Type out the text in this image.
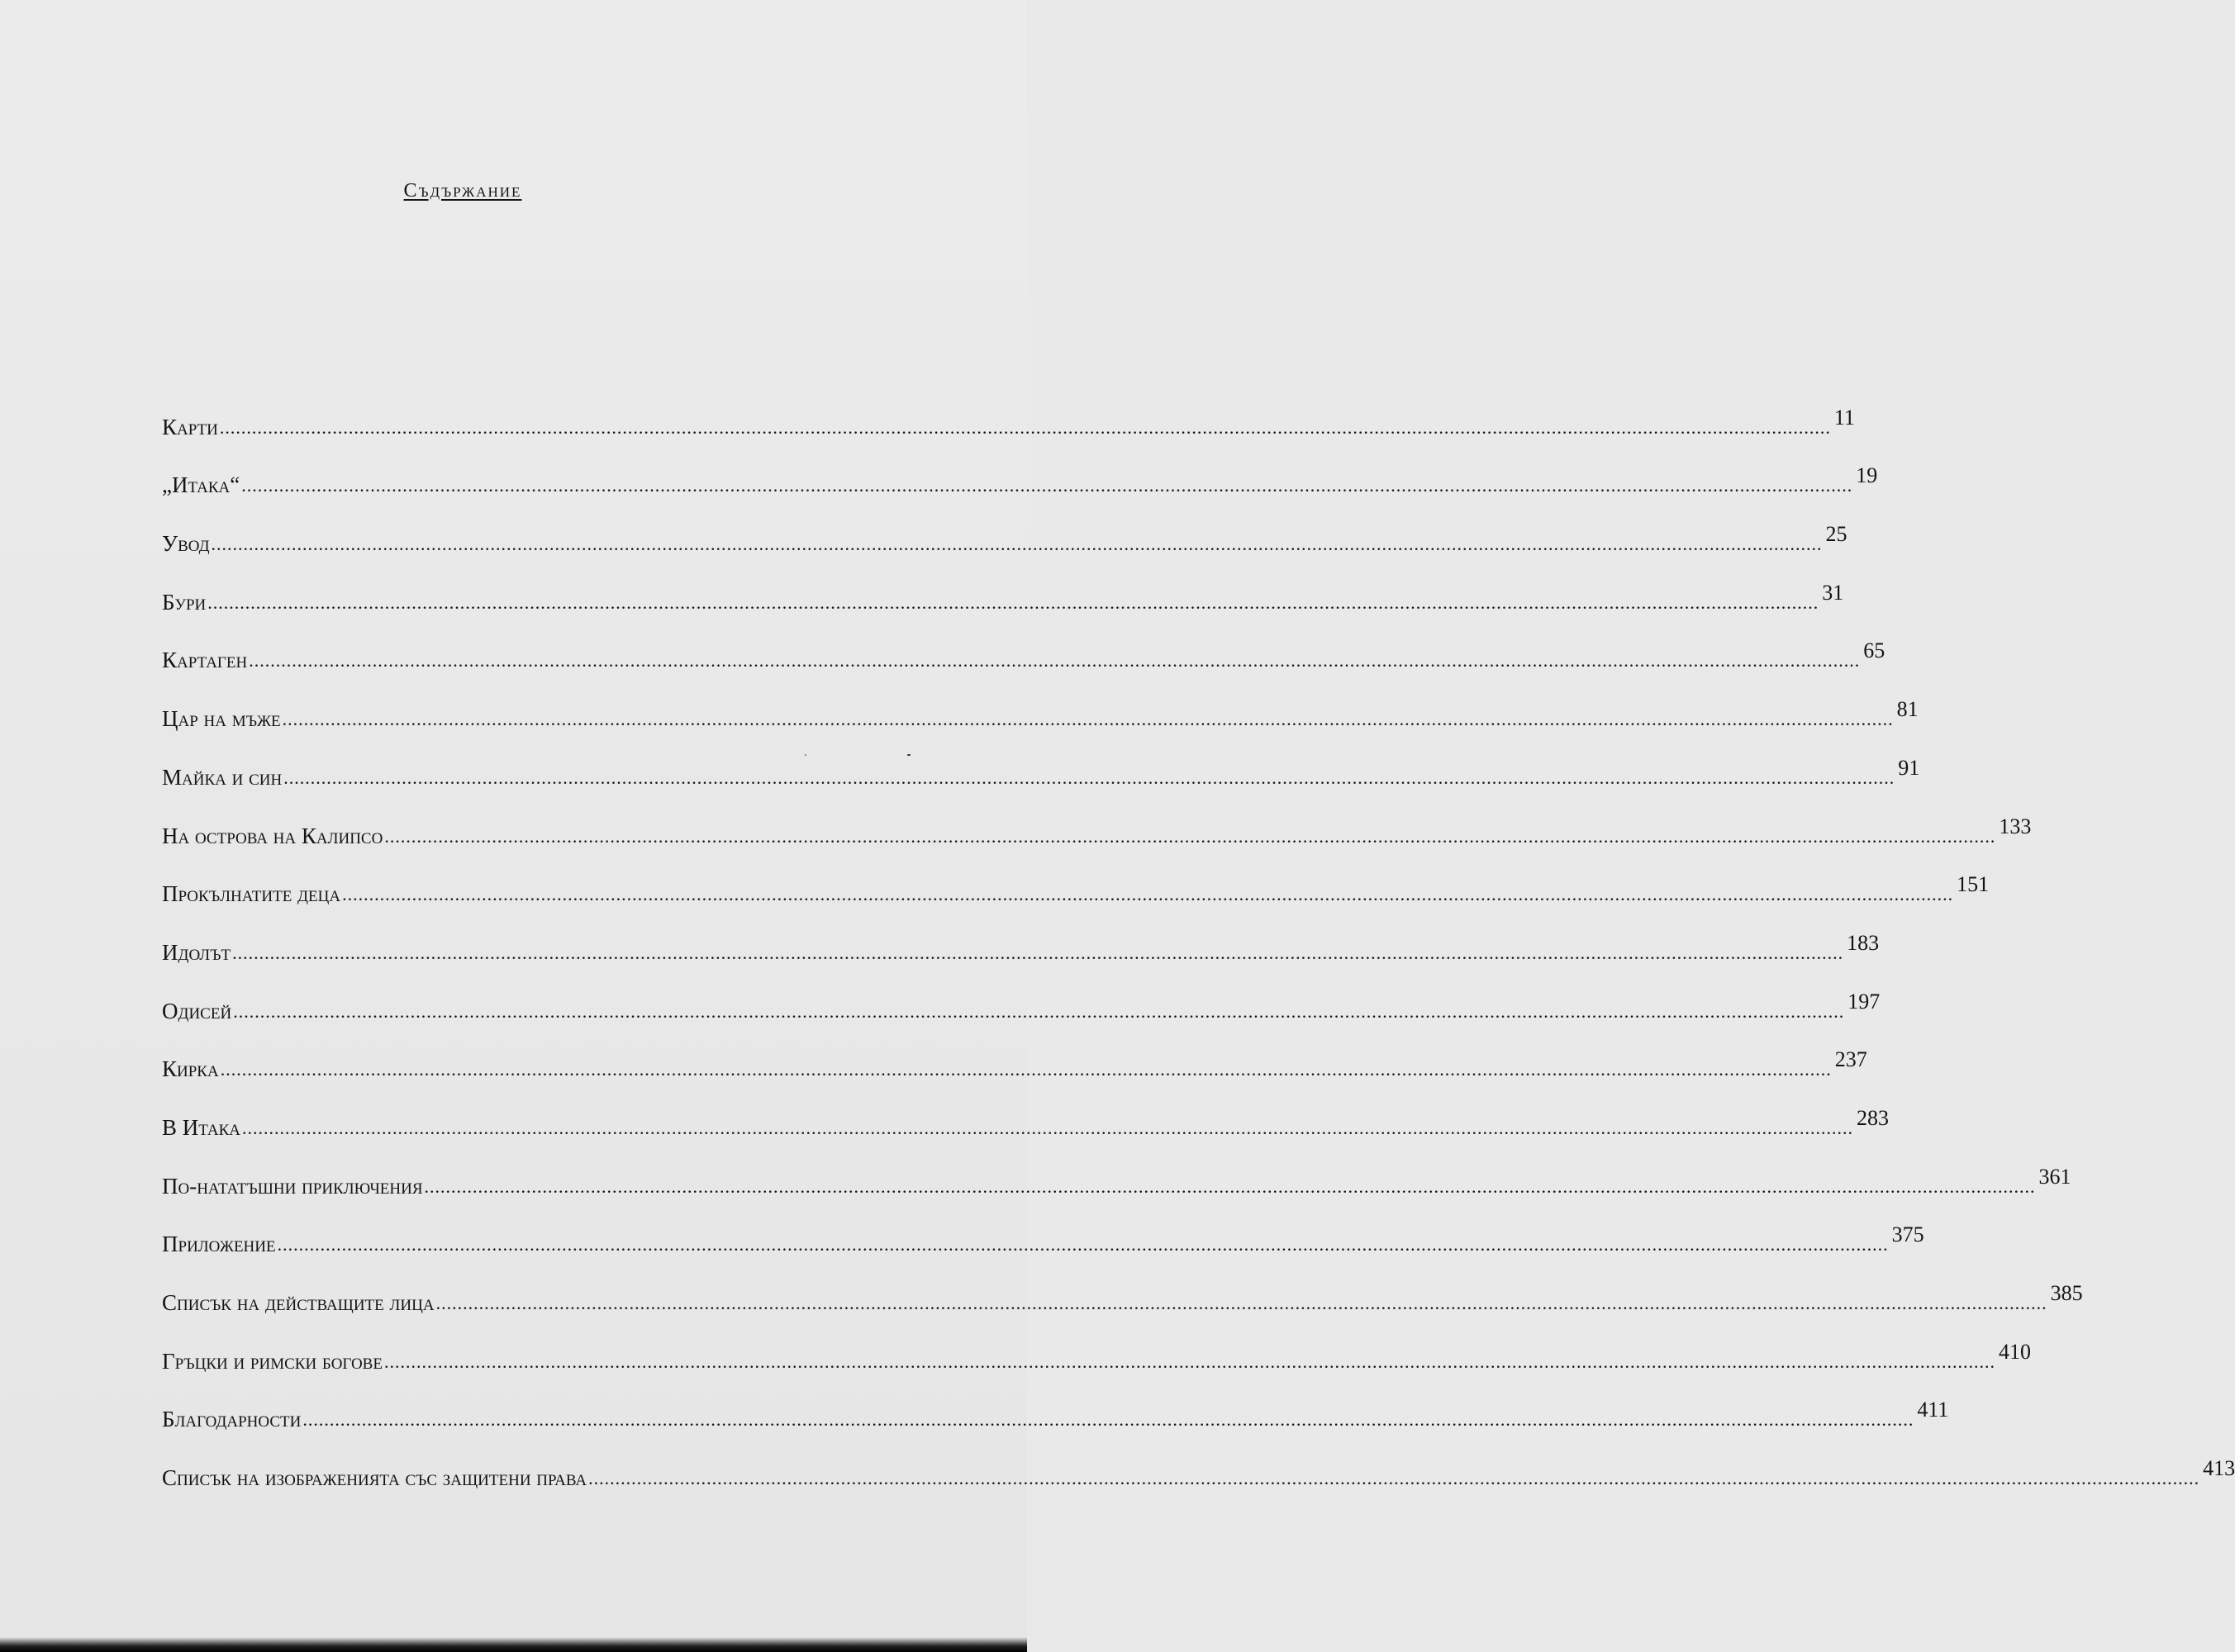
Съдържание
Карти ............................................................................................................................................................................................................................................................................................................ 11
„Итака“ ............................................................................................................................................................................................................................................................................................................ 19
Увод ............................................................................................................................................................................................................................................................................................................ 25
Бури ............................................................................................................................................................................................................................................................................................................ 31
Картаген ............................................................................................................................................................................................................................................................................................................ 65
Цар на мъже ............................................................................................................................................................................................................................................................................................................ 81
Майка и син ............................................................................................................................................................................................................................................................................................................ 91
На острова на Калипсо ............................................................................................................................................................................................................................................................................................................ 133
Прокълнатите деца ............................................................................................................................................................................................................................................................................................................ 151
Идолът ............................................................................................................................................................................................................................................................................................................ 183
Одисей ............................................................................................................................................................................................................................................................................................................ 197
Кирка ............................................................................................................................................................................................................................................................................................................ 237
В Итака ............................................................................................................................................................................................................................................................................................................ 283
По-нататъшни приключения ............................................................................................................................................................................................................................................................................................................ 361
Приложение ............................................................................................................................................................................................................................................................................................................ 375
Списък на действащите лица ............................................................................................................................................................................................................................................................................................................ 385
Гръцки и римски богове ............................................................................................................................................................................................................................................................................................................ 410
Благодарности ............................................................................................................................................................................................................................................................................................................ 411
Списък на изображенията със защитени права ............................................................................................................................................................................................................................................................................................................ 413
